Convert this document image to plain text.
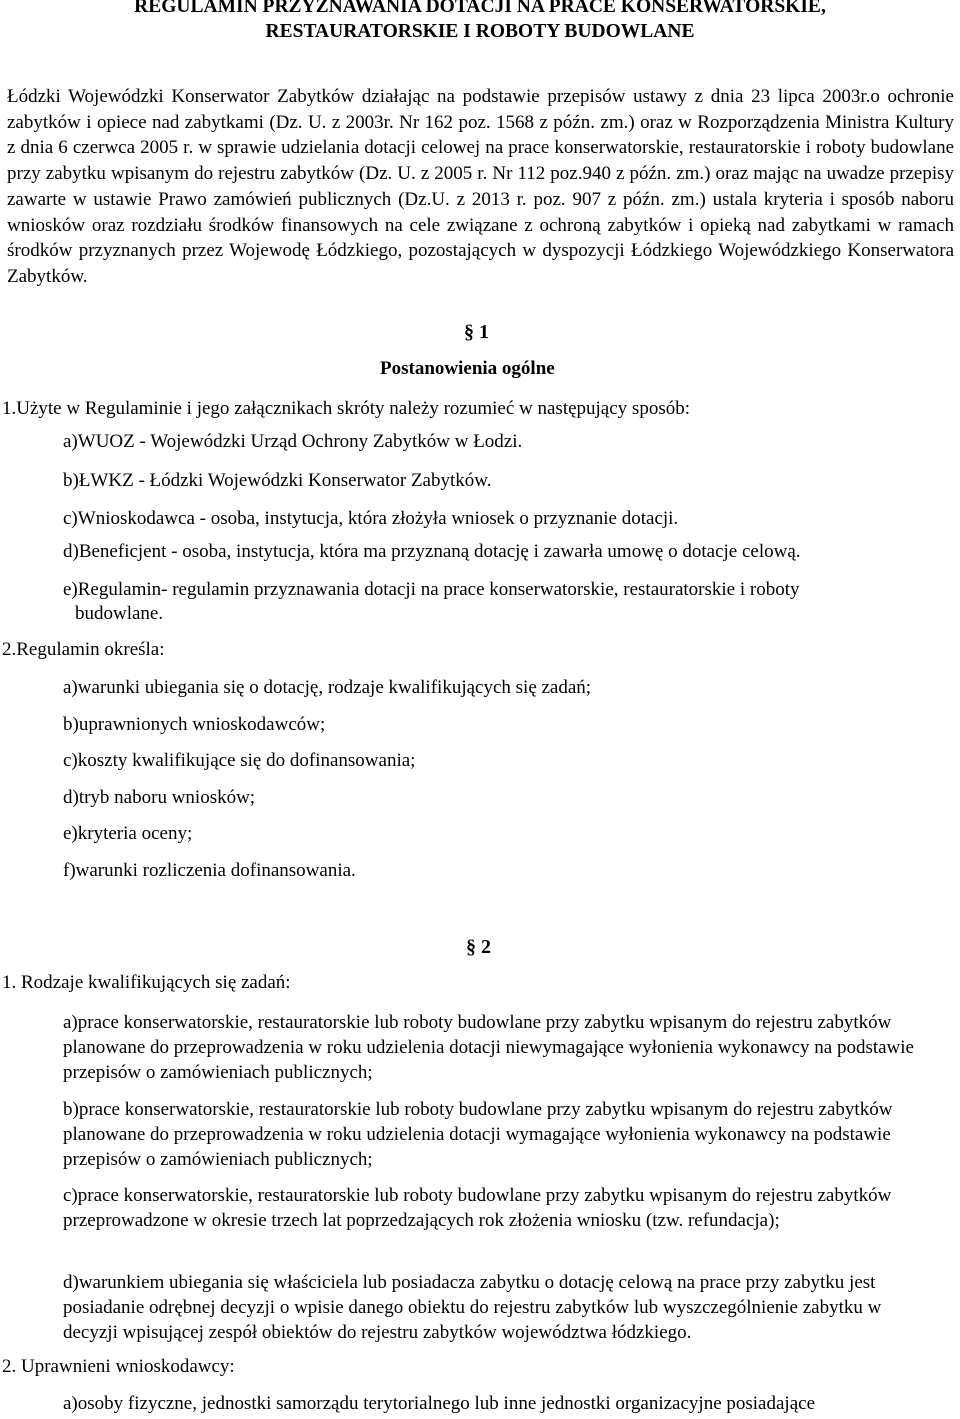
REGULAMIN PRZYZNAWANIA DOTACJI NA PRACE KONSERWATORSKIE,
RESTAURATORSKIE I ROBOTY BUDOWLANE
Łódzki Wojewódzki Konserwator Zabytków działając na podstawie przepisów ustawy z dnia 23 lipca 2003r.o ochronie zabytków i opiece nad zabytkami (Dz. U. z 2003r. Nr 162 poz. 1568 z późn. zm.) oraz w Rozporządzenia Ministra Kultury z dnia 6 czerwca 2005 r. w sprawie udzielania dotacji celowej na prace konserwatorskie, restauratorskie i roboty budowlane przy zabytku wpisanym do rejestru zabytków (Dz. U. z 2005 r. Nr 112 poz.940 z późn. zm.) oraz mając na uwadze przepisy zawarte w ustawie Prawo zamówień publicznych (Dz.U. z 2013 r. poz. 907 z późn. zm.) ustala kryteria i sposób naboru wniosków oraz rozdziału środków finansowych na cele związane z ochroną zabytków i opieką nad zabytkami w ramach środków przyznanych przez Wojewodę Łódzkiego, pozostających w dyspozycji Łódzkiego Wojewódzkiego Konserwatora Zabytków.
§ 1
Postanowienia ogólne
1.Użyte w Regulaminie i jego załącznikach skróty należy rozumieć w następujący sposób:
a)WUOZ - Wojewódzki Urząd Ochrony Zabytków w Łodzi.
b)ŁWKZ - Łódzki Wojewódzki Konserwator Zabytków.
c)Wnioskodawca - osoba, instytucja, która złożyła wniosek o przyznanie dotacji.
d)Beneficjent - osoba, instytucja, która ma przyznaną dotację i zawarła umowę o dotacje celową.
e)Regulamin- regulamin przyznawania dotacji na prace konserwatorskie, restauratorskie i roboty
budowlane.
2.Regulamin określa:
a)warunki ubiegania się o dotację, rodzaje kwalifikujących się zadań;
b)uprawnionych wnioskodawców;
c)koszty kwalifikujące się do dofinansowania;
d)tryb naboru wniosków;
e)kryteria oceny;
f)warunki rozliczenia dofinansowania.
§ 2
1. Rodzaje kwalifikujących się zadań:
a)prace konserwatorskie, restauratorskie lub roboty budowlane przy zabytku wpisanym do rejestru zabytków planowane do przeprowadzenia w roku udzielenia dotacji niewymagające wyłonienia wykonawcy na podstawie przepisów o zamówieniach publicznych;
b)prace konserwatorskie, restauratorskie lub roboty budowlane przy zabytku wpisanym do rejestru zabytków planowane do przeprowadzenia w roku udzielenia dotacji wymagające wyłonienia wykonawcy na podstawie przepisów o zamówieniach publicznych;
c)prace konserwatorskie, restauratorskie lub roboty budowlane przy zabytku wpisanym do rejestru zabytków przeprowadzone w okresie trzech lat poprzedzających rok złożenia wniosku (tzw. refundacja);
d)warunkiem ubiegania się właściciela lub posiadacza zabytku o dotację celową na prace przy zabytku jest posiadanie odrębnej decyzji o wpisie danego obiektu do rejestru zabytków lub wyszczególnienie zabytku w decyzji wpisującej zespół obiektów do rejestru zabytków województwa łódzkiego.
2. Uprawnieni wnioskodawcy:
a)osoby fizyczne, jednostki samorządu terytorialnego lub inne jednostki organizacyjne posiadające
